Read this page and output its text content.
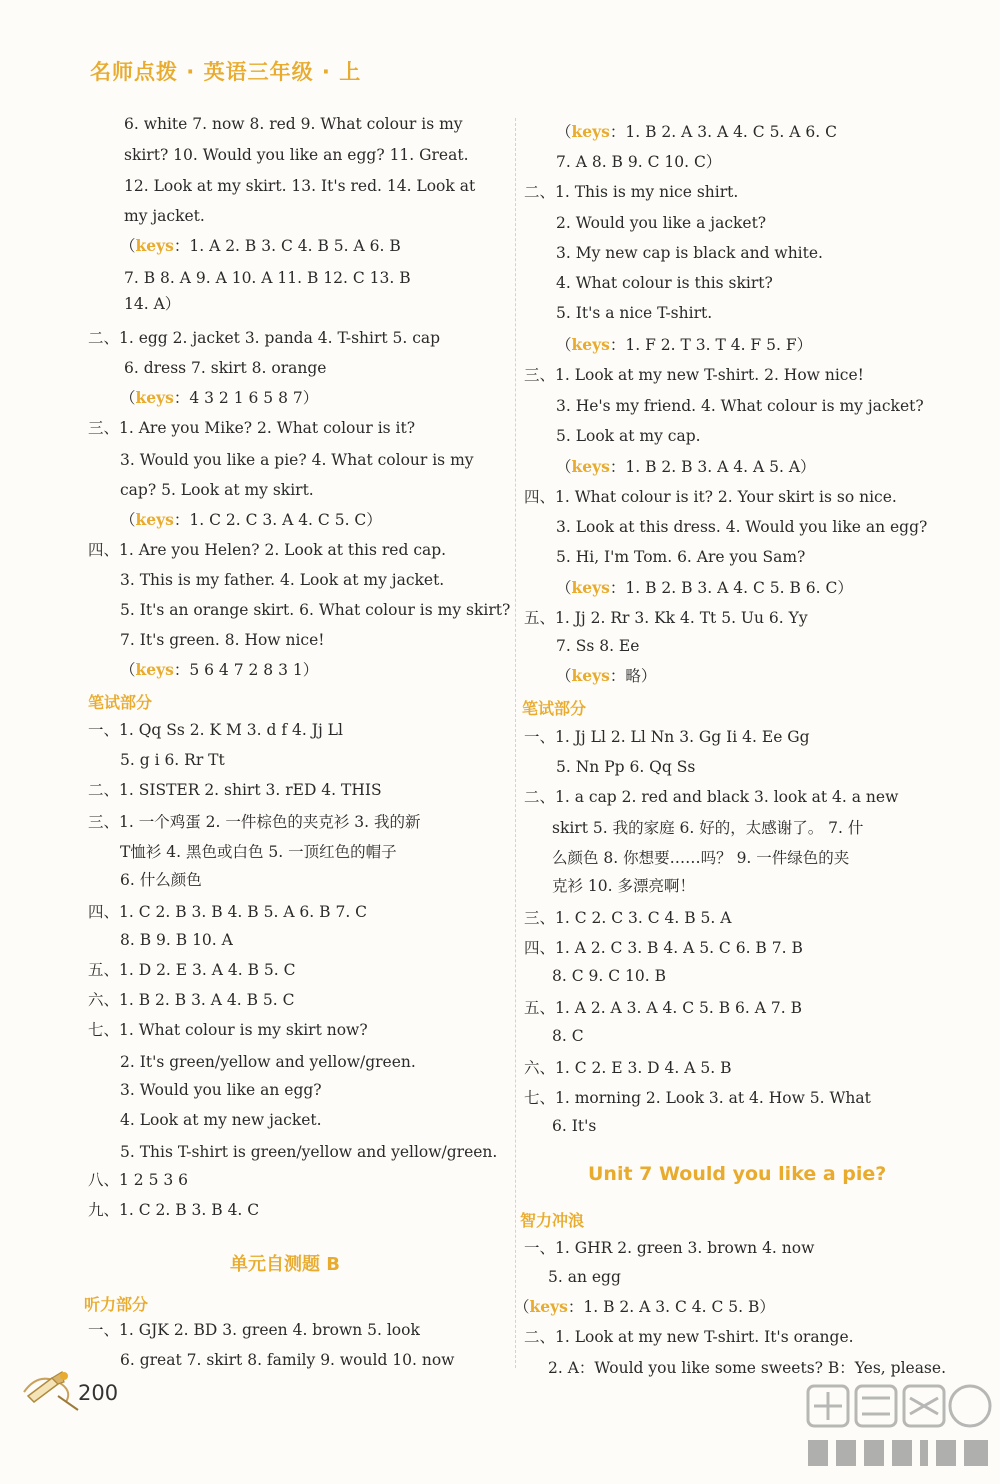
名师点拨 · 英语三年级 · 上
6. white 7. now 8. red 9. What colour is my
skirt? 10. Would you like an egg? 11. Great.
12. Look at my skirt. 13. It's red. 14. Look at
my jacket.
（keys：1. A 2. B 3. C 4. B 5. A 6. B
7. B 8. A 9. A 10. A 11. B 12. C 13. B
14. A）
二、1. egg 2. jacket 3. panda 4. T-shirt 5. cap
6. dress 7. skirt 8. orange
（keys：4 3 2 1 6 5 8 7）
三、1. Are you Mike? 2. What colour is it?
3. Would you like a pie? 4. What colour is my
cap? 5. Look at my skirt.
（keys：1. C 2. C 3. A 4. C 5. C）
四、1. Are you Helen? 2. Look at this red cap.
3. This is my father. 4. Look at my jacket.
5. It's an orange skirt. 6. What colour is my skirt?
7. It's green. 8. How nice!
（keys：5 6 4 7 2 8 3 1）
笔试部分
一、1. Qq Ss 2. K M 3. d f 4. Jj Ll
5. g i 6. Rr Tt
二、1. SISTER 2. shirt 3. rED 4. THIS
三、1. 一个鸡蛋 2. 一件棕色的夹克衫 3. 我的新
T恤衫 4. 黑色或白色 5. 一顶红色的帽子
6. 什么颜色
四、1. C 2. B 3. B 4. B 5. A 6. B 7. C
8. B 9. B 10. A
五、1. D 2. E 3. A 4. B 5. C
六、1. B 2. B 3. A 4. B 5. C
七、1. What colour is my skirt now?
2. It's green/yellow and yellow/green.
3. Would you like an egg?
4. Look at my new jacket.
5. This T-shirt is green/yellow and yellow/green.
八、1 2 5 3 6
九、1. C 2. B 3. B 4. C
单元自测题 B
听力部分
一、1. GJK 2. BD 3. green 4. brown 5. look
6. great 7. skirt 8. family 9. would 10. now
（keys：1. B 2. A 3. A 4. C 5. A 6. C
7. A 8. B 9. C 10. C）
二、1. This is my nice shirt.
2. Would you like a jacket?
3. My new cap is black and white.
4. What colour is this skirt?
5. It's a nice T-shirt.
（keys：1. F 2. T 3. T 4. F 5. F）
三、1. Look at my new T-shirt. 2. How nice!
3. He's my friend. 4. What colour is my jacket?
5. Look at my cap.
（keys：1. B 2. B 3. A 4. A 5. A）
四、1. What colour is it? 2. Your skirt is so nice.
3. Look at this dress. 4. Would you like an egg?
5. Hi, I'm Tom. 6. Are you Sam?
（keys：1. B 2. B 3. A 4. C 5. B 6. C）
五、1. Jj 2. Rr 3. Kk 4. Tt 5. Uu 6. Yy
7. Ss 8. Ee
（keys：略）
笔试部分
一、1. Jj Ll 2. Ll Nn 3. Gg Ii 4. Ee Gg
5. Nn Pp 6. Qq Ss
二、1. a cap 2. red and black 3. look at 4. a new
skirt 5. 我的家庭 6. 好的，太感谢了。 7. 什
么颜色 8. 你想要……吗？ 9. 一件绿色的夹
克衫 10. 多漂亮啊！
三、1. C 2. C 3. C 4. B 5. A
四、1. A 2. C 3. B 4. A 5. C 6. B 7. B
8. C 9. C 10. B
五、1. A 2. A 3. A 4. C 5. B 6. A 7. B
8. C
六、1. C 2. E 3. D 4. A 5. B
七、1. morning 2. Look 3. at 4. How 5. What
6. It's
Unit 7 Would you like a pie?
智力冲浪
一、1. GHR 2. green 3. brown 4. now
5. an egg
（keys：1. B 2. A 3. C 4. C 5. B）
二、1. Look at my new T-shirt. It's orange.
2. A：Would you like some sweets? B：Yes, please.
200
